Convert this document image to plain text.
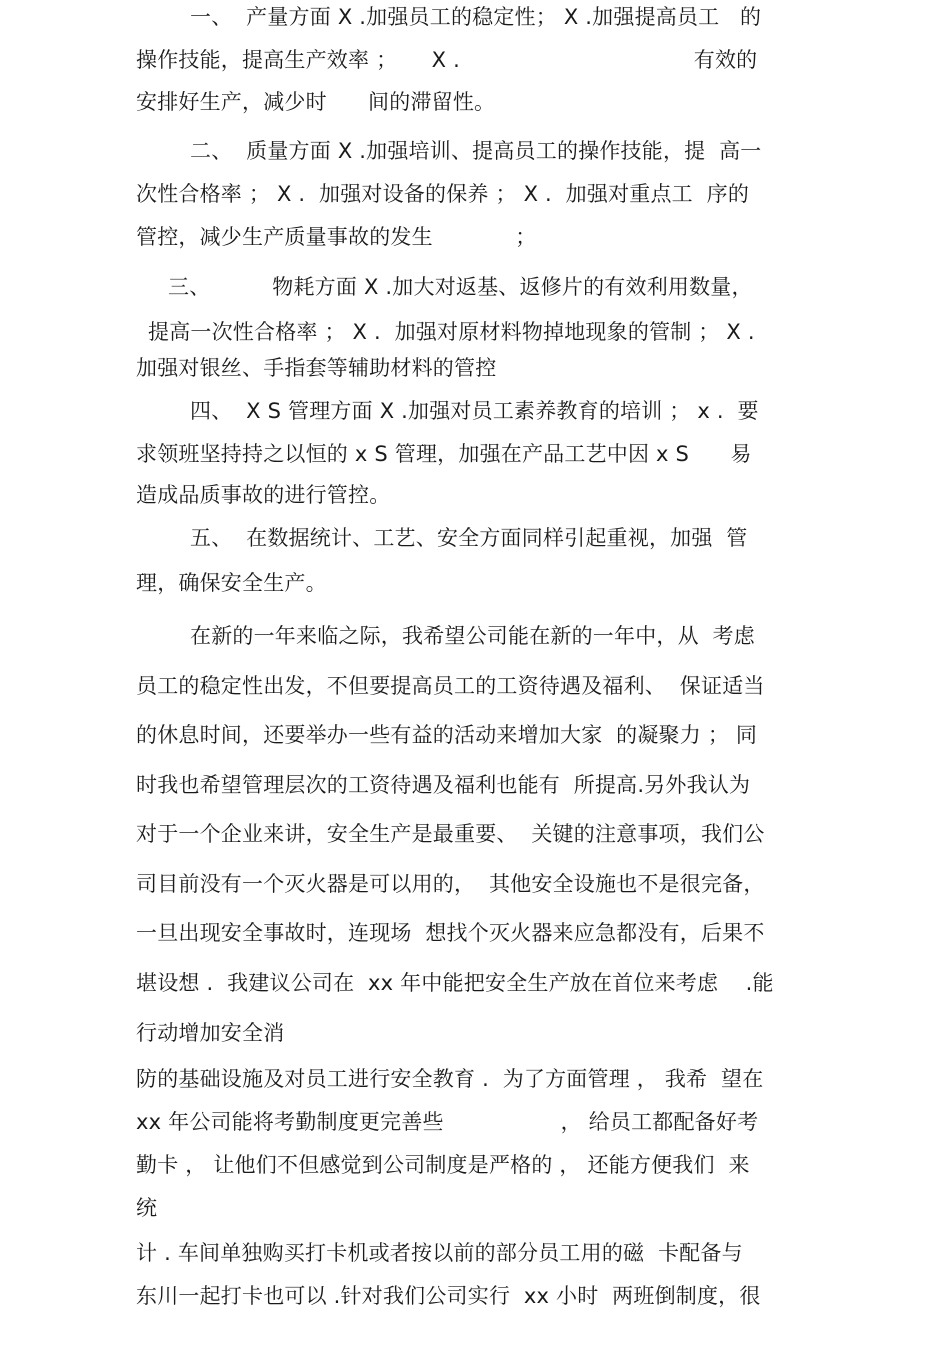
一、  产量方面 X .加强员工的稳定性； X .加强提高员工   的
操作技能，提高生产效率 ；     X .                                  有效的
安排好生产，减少时      间的滞留性。
二、  质量方面 X .加强培训、提高员工的操作技能，提  高一
次性合格率 ； X .  加强对设备的保养 ； X .  加强对重点工  序的
管控，减少生产质量事故的发生            ；
三、         物耗方面 X .加大对返基、返修片的有效利用数量，
提高一次性合格率 ； X .  加强对原材料物掉地现象的管制 ； X .
加强对银丝、手指套等辅助材料的管控
四、  X S 管理方面 X .加强对员工素养教育的培训 ； x .  要
求领班坚持持之以恒的 x S 管理，加强在产品工艺中因 x S      易
造成品质事故的进行管控。
五、  在数据统计、工艺、安全方面同样引起重视，加强  管
理，确保安全生产。
在新的一年来临之际，我希望公司能在新的一年中，从  考虑
员工的稳定性出发，不但要提高员工的工资待遇及福利、  保证适当
的休息时间，还要举办一些有益的活动来增加大家  的凝聚力 ； 同
时我也希望管理层次的工资待遇及福利也能有  所提高.另外我认为
对于一个企业来讲，安全生产是最重要、  关键的注意事项，我们公
司目前没有一个灭火器是可以用的，  其他安全设施也不是很完备，
一旦出现安全事故时，连现场  想找个灭火器来应急都没有，后果不
堪设想 .  我建议公司在  xx 年中能把安全生产放在首位来考虑    .能
行动增加安全消
防的基础设施及对员工进行安全教育 .  为了方面管理 ， 我希  望在
xx 年公司能将考勤制度更完善些                 ， 给员工都配备好考
勤卡 ， 让他们不但感觉到公司制度是严格的 ， 还能方便我们  来
统
计 . 车间单独购买打卡机或者按以前的部分员工用的磁  卡配备与
东川一起打卡也可以 .针对我们公司实行  xx 小时  两班倒制度，很
